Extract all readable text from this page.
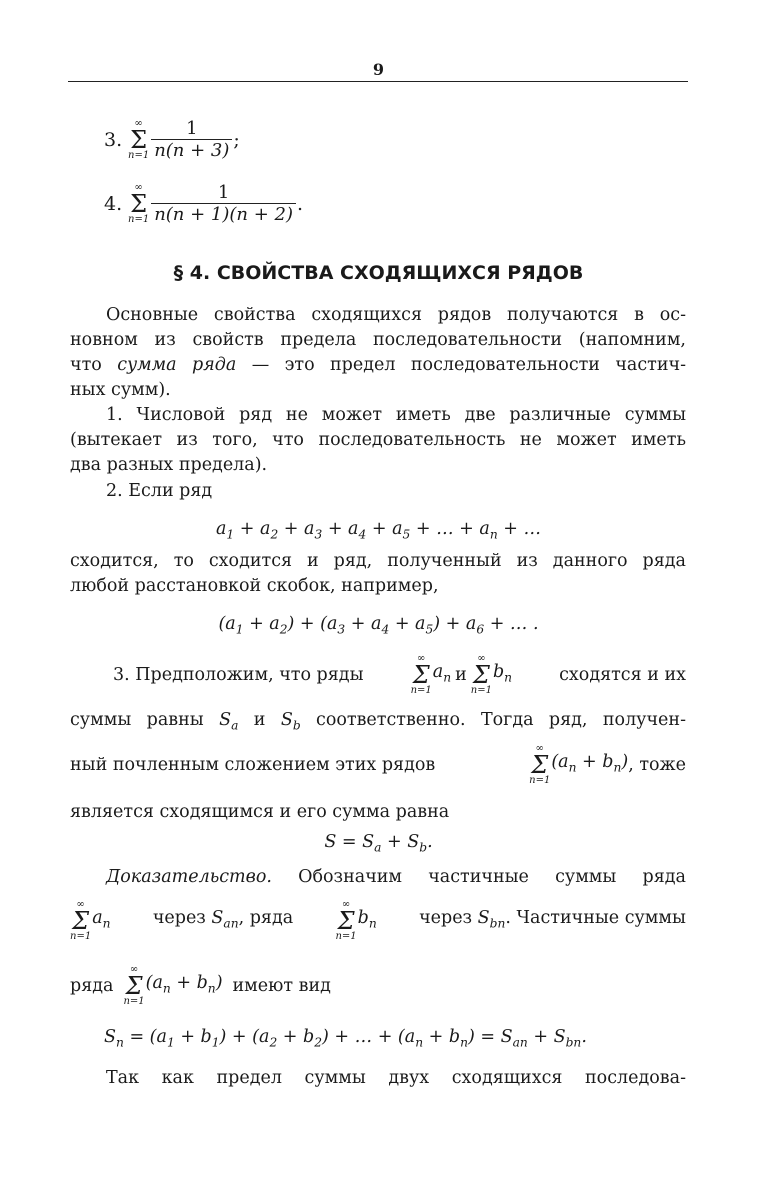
9
3.
∞
Σ
$n=1 \frac{1}{n(n + 3)}$ ;
4.
∞
Σ
$n=1 \frac{1}{n(n + 1)(n + 2)}$ .
§ 4. СВОЙСТВА СХОДЯЩИХСЯ РЯДОВ
Основные свойства сходящихся рядов получаются в ос-
новном из свойств предела последовательности (напомним,
что сумма ряда — это предел последовательности частич-
ных сумм).
1. Числовой ряд не может иметь две различные суммы
(вытекает из того, что последовательность не может иметь
два разных предела).
2. Если ряд
$a_1 + a_2 + a_3 + a_4 + a_5$ + … + $a_n$ + …
сходится, то сходится и ряд, полученный из данного ряда
любой расстановкой скобок, например,
$(a_1 + a_2) + (a_3 + a_4 + a_5) + a_6$ + … .
3. Предположим, что ряды
∞
Σ
n=1
$a_n$ и
∞
Σ
n=1
$b_n$	сходятся и их
суммы равны $S_a$ и $S_b$ соответственно. Тогда ряд, получен-
ный почленным сложением этих рядов
∞
Σ
n=1
$(a_n + b_n)$ , тоже
является сходящимся и его сумма равна
$S = S_a + S_b$.
Доказательство. Обозначим частичные суммы ряда
∞
Σ
n=1
$a_n$ через $S_{an}$, ряда
∞
Σ
n=1
$b_n$ через $S_{bn}$. Частичные суммы
ряда
∞
Σ
n=1
$(a_n + b_n)$ имеют вид
$S_n = (a_1 + b_1) + (a_2 + b_2)$ + … + $(a_n + b_n) = S_{an} + S_{bn}$.
Так как предел суммы двух сходящихся последова-
